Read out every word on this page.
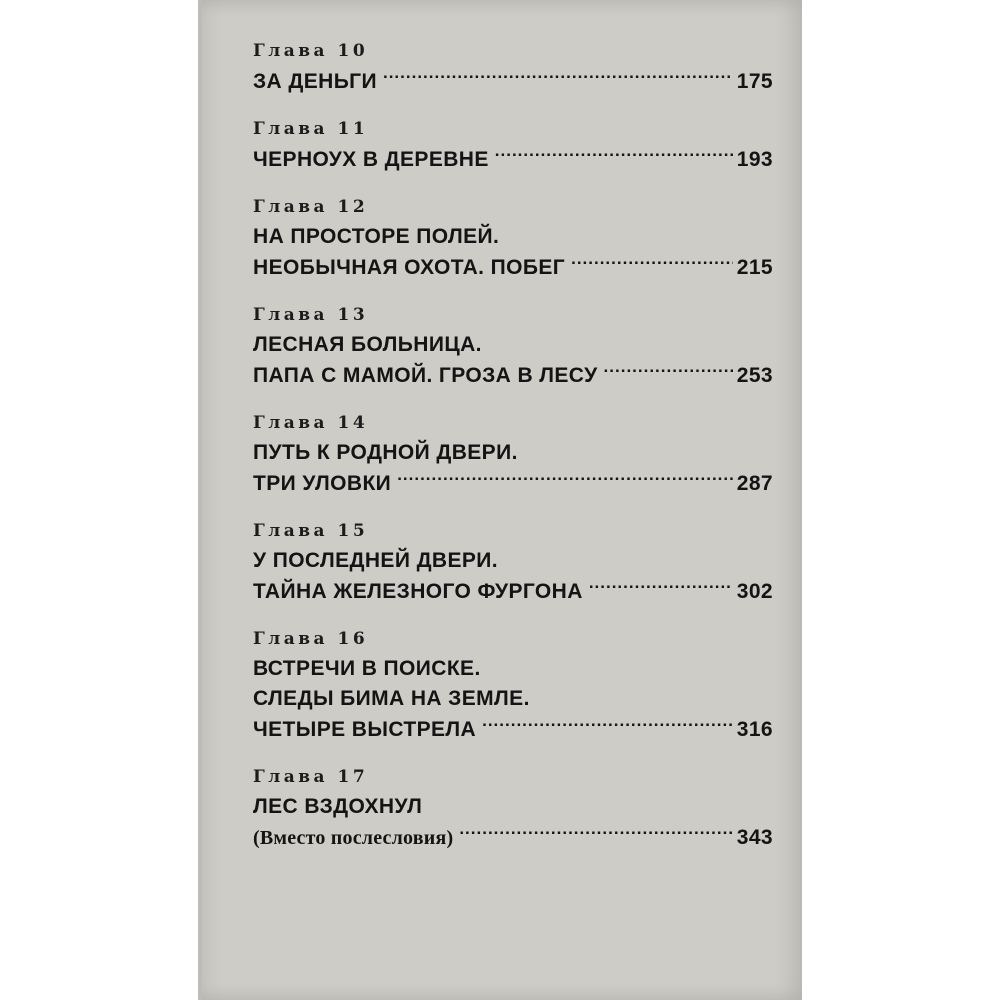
Глава 10
ЗА ДЕНЬГИ .....	175
Глава 11
ЧЕРНОУХ В ДЕРЕВНЕ .....	193
Глава 12
НА ПРОСТОРЕ ПОЛЕЙ.
НЕОБЫЧНАЯ ОХОТА. ПОБЕГ .....	215
Глава 13
ЛЕСНАЯ БОЛЬНИЦА.
ПАПА С МАМОЙ. ГРОЗА В ЛЕСУ .....	253
Глава 14
ПУТЬ К РОДНОЙ ДВЕРИ.
ТРИ УЛОВКИ .....	287
Глава 15
У ПОСЛЕДНЕЙ ДВЕРИ.
ТАЙНА ЖЕЛЕЗНОГО ФУРГОНА .....	302
Глава 16
ВСТРЕЧИ В ПОИСКЕ.
СЛЕДЫ БИМА НА ЗЕМЛЕ.
ЧЕТЫРЕ ВЫСТРЕЛА .....	316
Глава 17
ЛЕС ВЗДОХНУЛ
(Вместо послесловия) .....	343
